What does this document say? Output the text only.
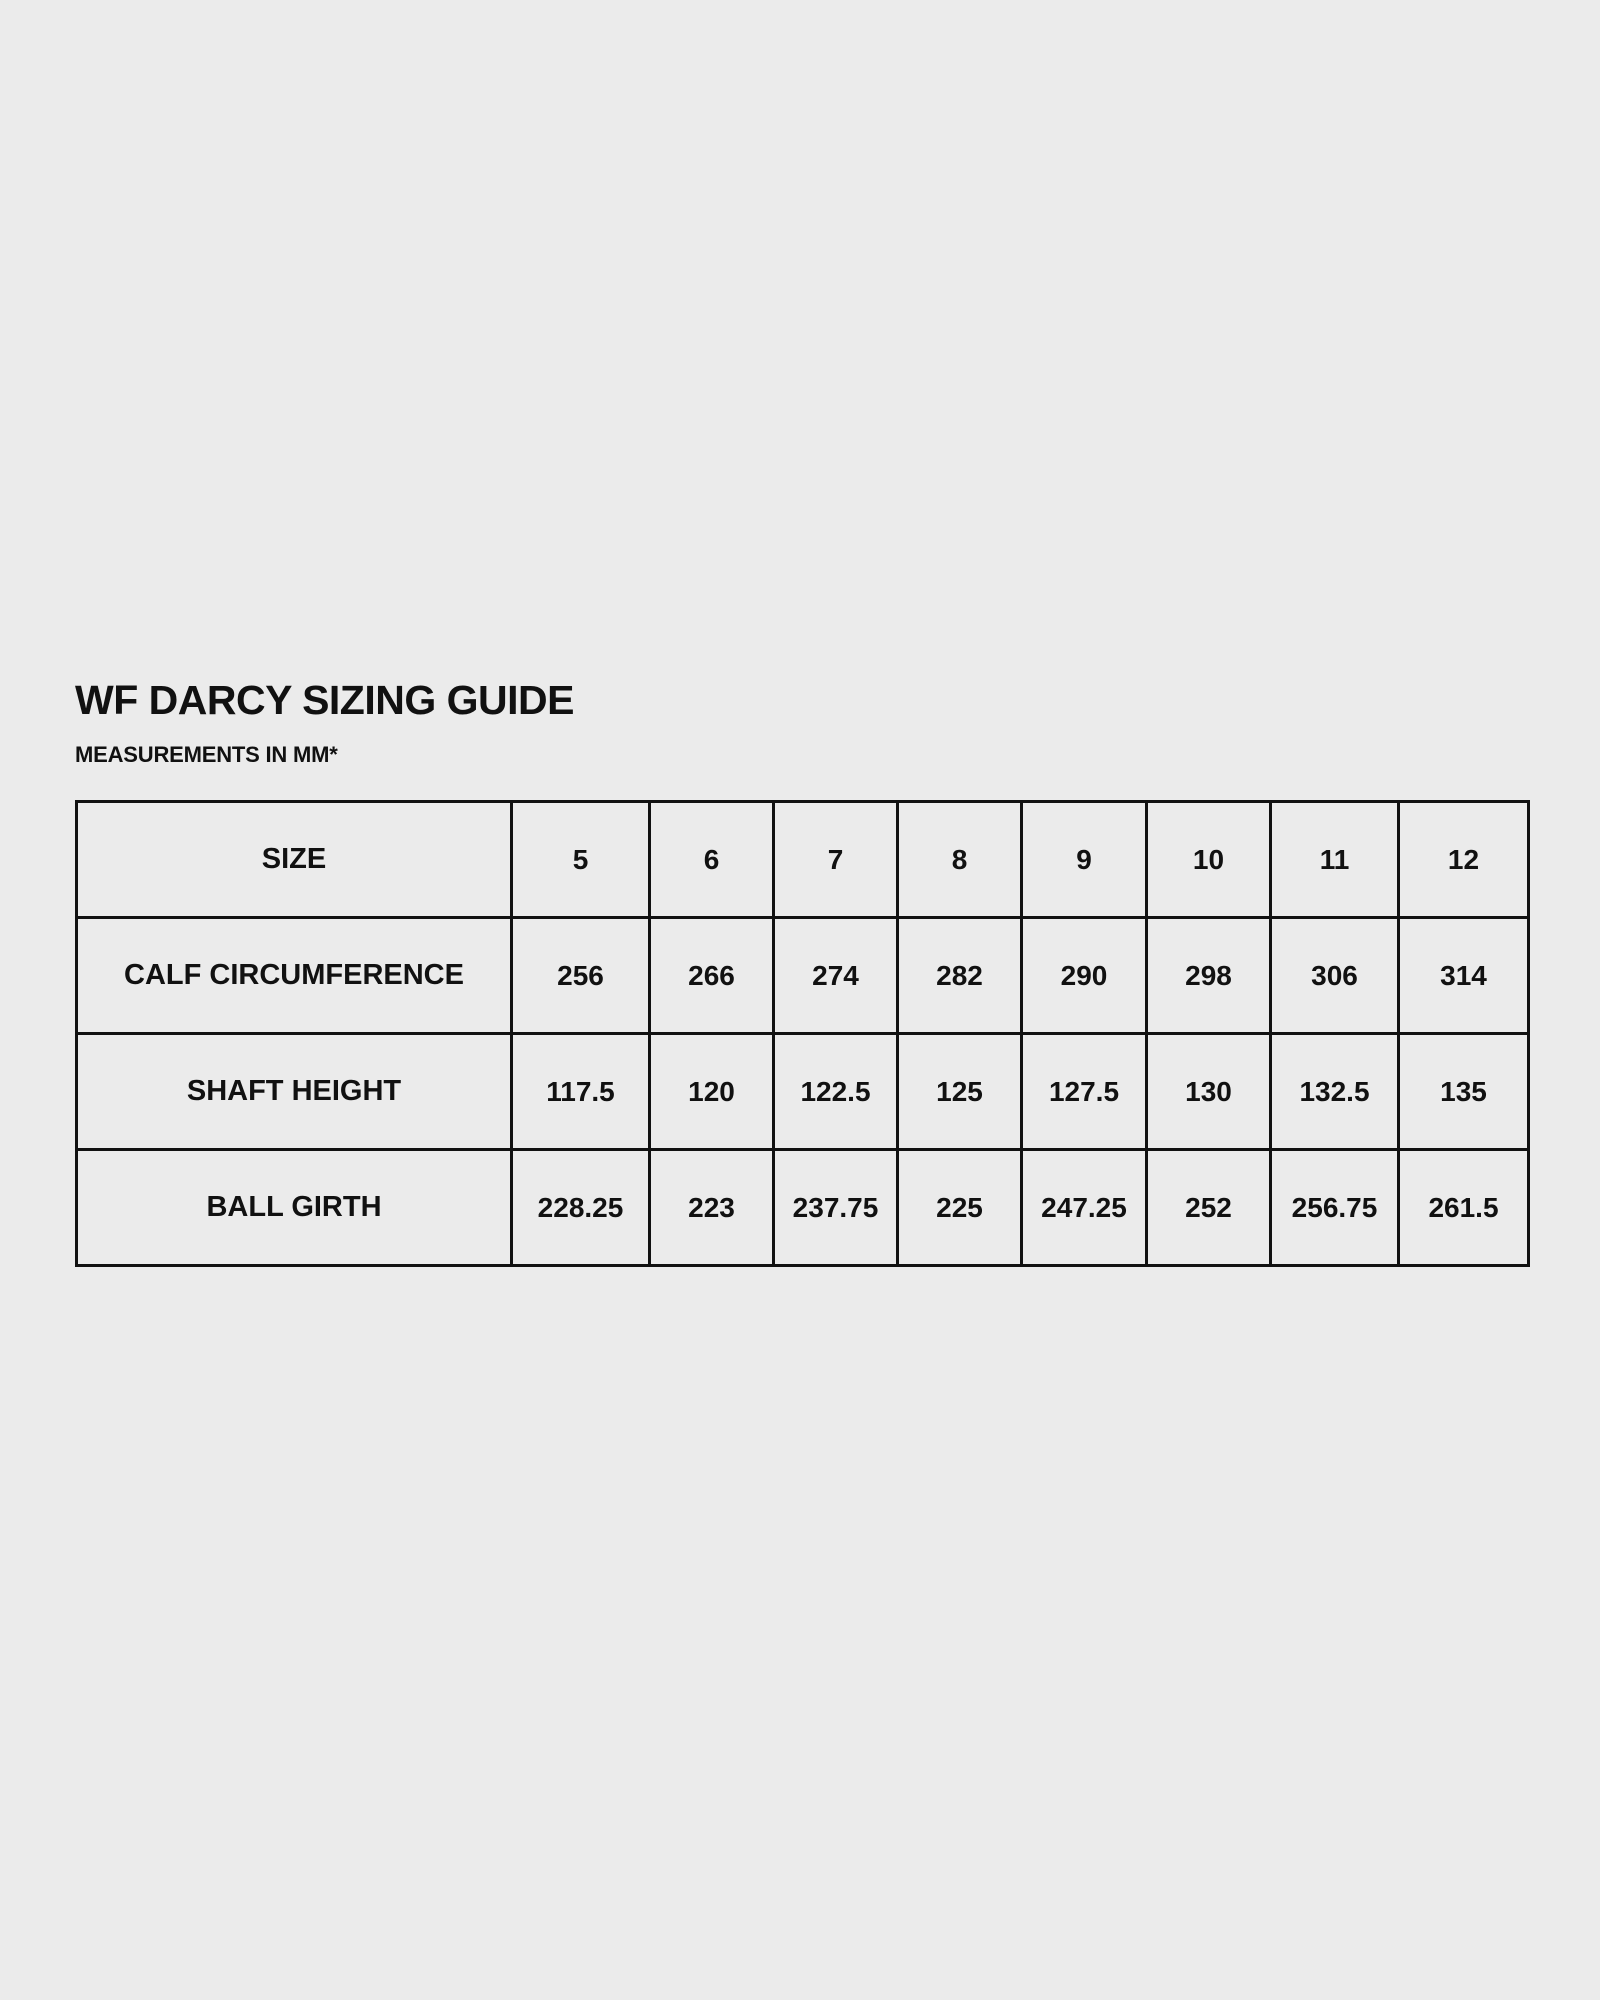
WF DARCY SIZING GUIDE

MEASUREMENTS IN MM*

SIZE	5	6	7	8	9	10	11	12
CALF CIRCUMFERENCE	256	266	274	282	290	298	306	314
SHAFT HEIGHT	117.5	120	122.5	125	127.5	130	132.5	135
BALL GIRTH	228.25	223	237.75	225	247.25	252	256.75	261.5
